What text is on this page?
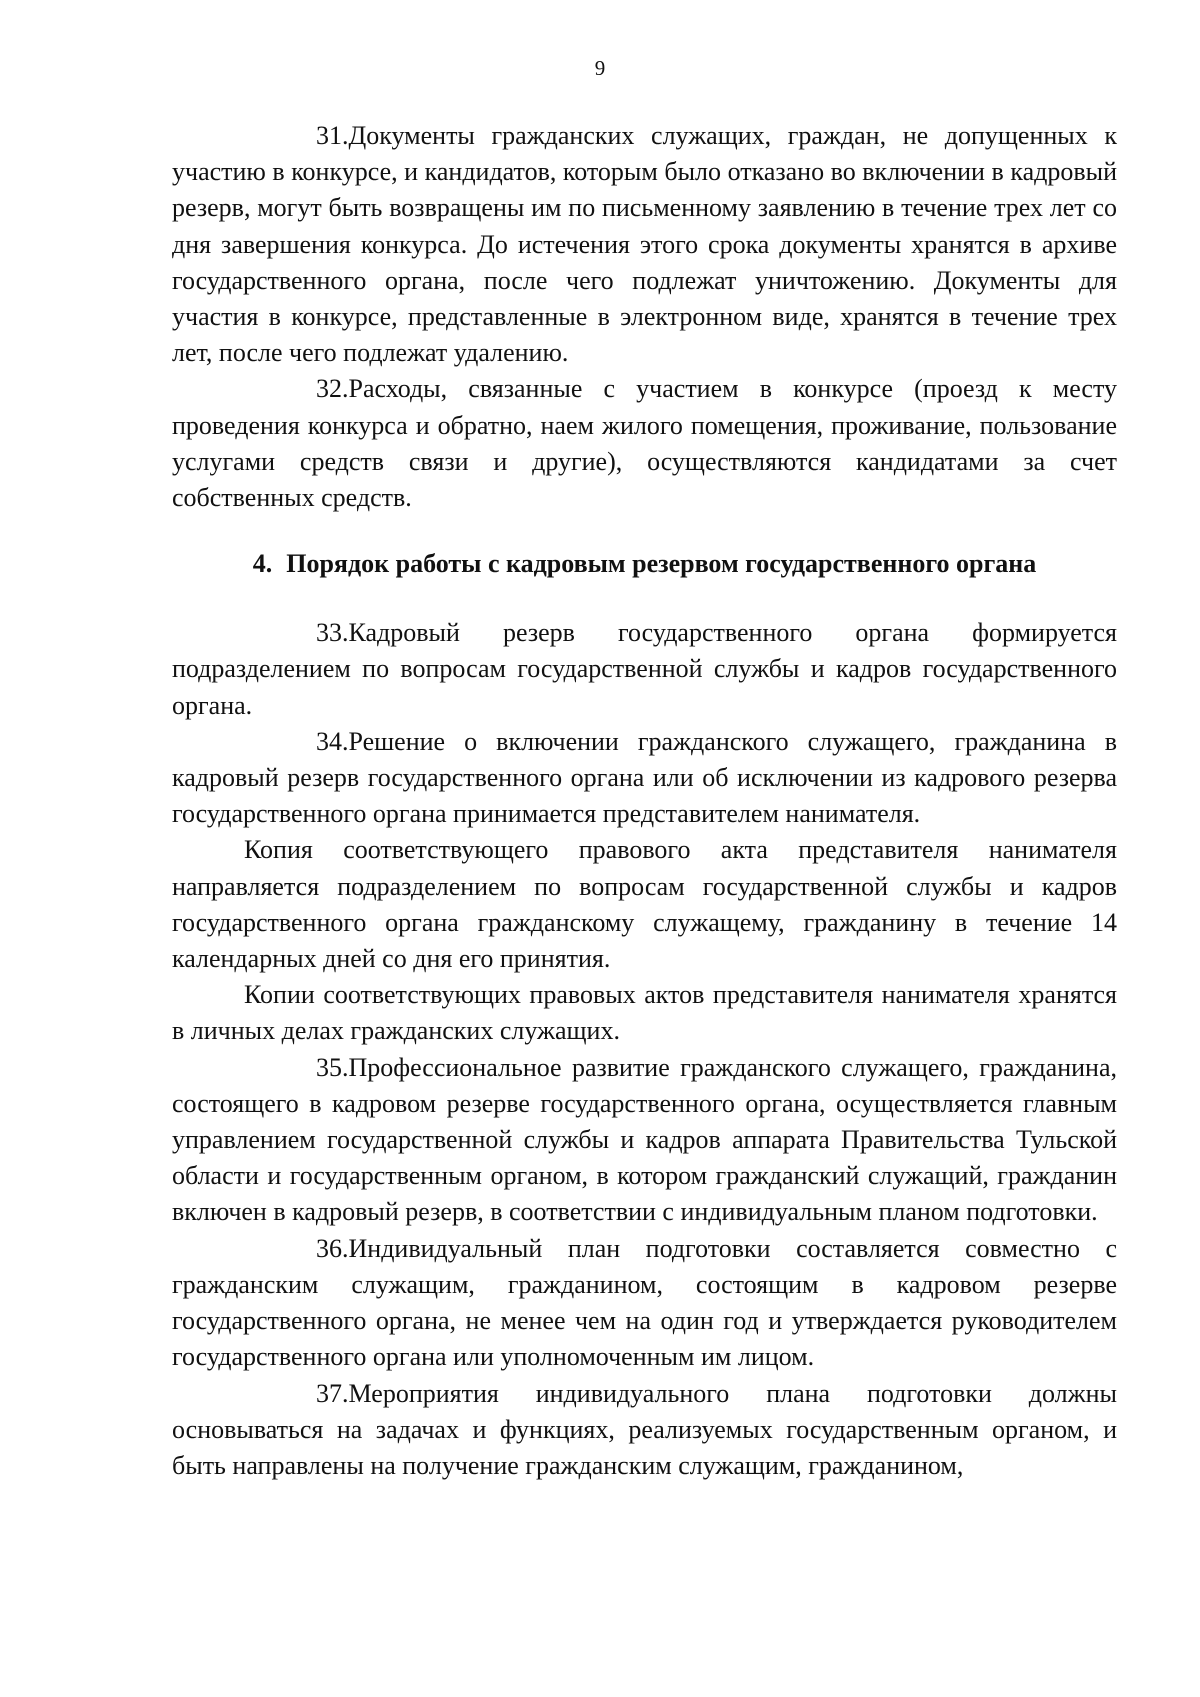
9

31.Документы гражданских служащих, граждан, не допущенных к участию в конкурсе, и кандидатов, которым было отказано во включении в кадровый резерв, могут быть возвращены им по письменному заявлению в течение трех лет со дня завершения конкурса. До истечения этого срока документы хранятся в архиве государственного органа, после чего подлежат уничтожению. Документы для участия в конкурсе, представленные в электронном виде, хранятся в течение трех лет, после чего подлежат удалению.

32.Расходы, связанные с участием в конкурсе (проезд к месту проведения конкурса и обратно, наем жилого помещения, проживание, пользование услугами средств связи и другие), осуществляются кандидатами за счет собственных средств.

4. Порядок работы с кадровым резервом государственного органа

33.Кадровый резерв государственного органа формируется подразделением по вопросам государственной службы и кадров государственного органа.

34.Решение о включении гражданского служащего, гражданина в кадровый резерв государственного органа или об исключении из кадрового резерва государственного органа принимается представителем нанимателя.

Копия соответствующего правового акта представителя нанимателя направляется подразделением по вопросам государственной службы и кадров государственного органа гражданскому служащему, гражданину в течение 14 календарных дней со дня его принятия.

Копии соответствующих правовых актов представителя нанимателя хранятся в личных делах гражданских служащих.

35.Профессиональное развитие гражданского служащего, гражданина, состоящего в кадровом резерве государственного органа, осуществляется главным управлением государственной службы и кадров аппарата Правительства Тульской области и государственным органом, в котором гражданский служащий, гражданин включен в кадровый резерв, в соответствии с индивидуальным планом подготовки.

36.Индивидуальный план подготовки составляется совместно с гражданским служащим, гражданином, состоящим в кадровом резерве государственного органа, не менее чем на один год и утверждается руководителем государственного органа или уполномоченным им лицом.

37.Мероприятия индивидуального плана подготовки должны основываться на задачах и функциях, реализуемых государственным органом, и быть направлены на получение гражданским служащим, гражданином,
